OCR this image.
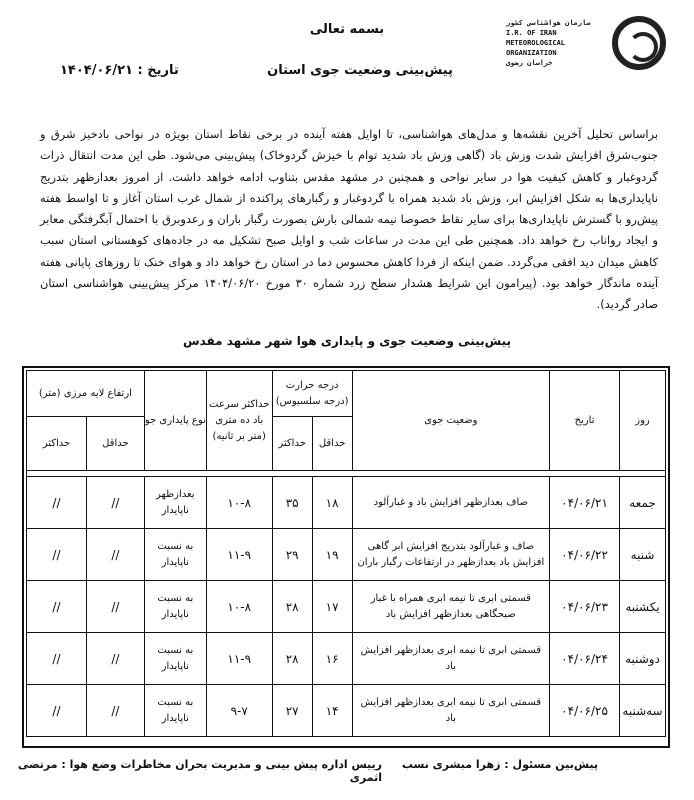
بسمه تعالی	سازمان هواشناسی کشور
I.R. OF IRAN
METEOROLOGICAL
ORGANIZATION
خراسان رضوی
پیش‌بینی وضعیت جوی استان
تاریخ : ۱۴۰۴/۰۶/۲۱
براساس تحلیل آخرین نقشه‌ها و مدل‌های هواشناسی، تا اوایل هفته آینده در برخی نقاط استان بویژه در نواحی بادخیز شرق و جنوب‌شرق افزایش شدت وزش باد (گاهی وزش باد شدید توام با خیزش گردوخاک) پیش‌بینی می‌شود. طی این مدت انتقال ذرات گردوغبار و کاهش کیفیت هوا در سایر نواحی و همچنین در مشهد مقدس بتناوب ادامه خواهد داشت. از امروز بعدازظهر بتدریج ناپایداری‌ها به شکل افزایش ابر، وزش باد شدید همراه با گردوغبار و رگبارهای پراکنده از شمال غرب استان آغاز و تا اواسط هفته پیش‌رو با گسترش ناپایداری‌ها برای سایر نقاط خصوصا نیمه شمالی بارش بصورت رگبار باران و رعدوبرق با احتمال آبگرفتگی معابر و ایجاد رواناب رخ خواهد داد. همچنین طی این مدت در ساعات شب و اوایل صبح تشکیل مه در جاده‌های کوهستانی استان سبب کاهش میدان دید افقی می‌گردد. ضمن اینکه از فردا کاهش محسوس دما در استان رخ خواهد داد و هوای خنک تا روزهای پایانی هفته آینده ماندگار خواهد بود. (پیرامون این شرایط هشدار سطح زرد شماره ۳۰ مورخ ۱۴۰۴/۰۶/۲۰ مرکز پیش‌بینی هواشناسی استان صادر گردید).
پیش‌بینی وضعیت جوی و پایداری هوا شهر مشهد مقدس
روز	تاریخ	وضعیت جوی	درجه حرارت (درجه سلسیوس)		حداکثر سرعت باد ده متری (متر بر ثانیه)	نوع پایداری جو	ارتفاع لایه مرزی (متر)	
			حداقل	حداکثر			حداقل	حداکثر

جمعه	۰۴/۰۶/۲۱	صاف بعدازظهر افزایش باد و غبارآلود	۱۸	۳۵	۱۰-۸	بعدازظهر ناپایدار	//	//
شنبه	۰۴/۰۶/۲۲	صاف و غبارآلود بتدریج افزایش ابر گاهی افزایش باد بعدازظهر در ارتفاعات رگبار باران	۱۹	۲۹	۱۱-۹	به نسبت ناپایدار	//	//
یکشنبه	۰۴/۰۶/۲۳	قسمتی ابری تا نیمه ابری همراه با غبار صبحگاهی بعدازظهر افزایش باد	۱۷	۲۸	۱۰-۸	به نسبت ناپایدار	//	//
دوشنبه	۰۴/۰۶/۲۴	قسمتی ابری تا نیمه ابری بعدازظهر افزایش باد	۱۶	۲۸	۱۱-۹	به نسبت ناپایدار	//	//
سه‌شنبه	۰۴/۰۶/۲۵	قسمتی ابری تا نیمه ابری بعدازظهر افزایش باد	۱۴	۲۷	۹-۷	به نسبت ناپایدار	//	//
پیش‌بین مسئول : زهرا مبشری نسب
رییس اداره پیش بینی و مدیریت بحران مخاطرات وضع هوا : مرتضی اثمری
